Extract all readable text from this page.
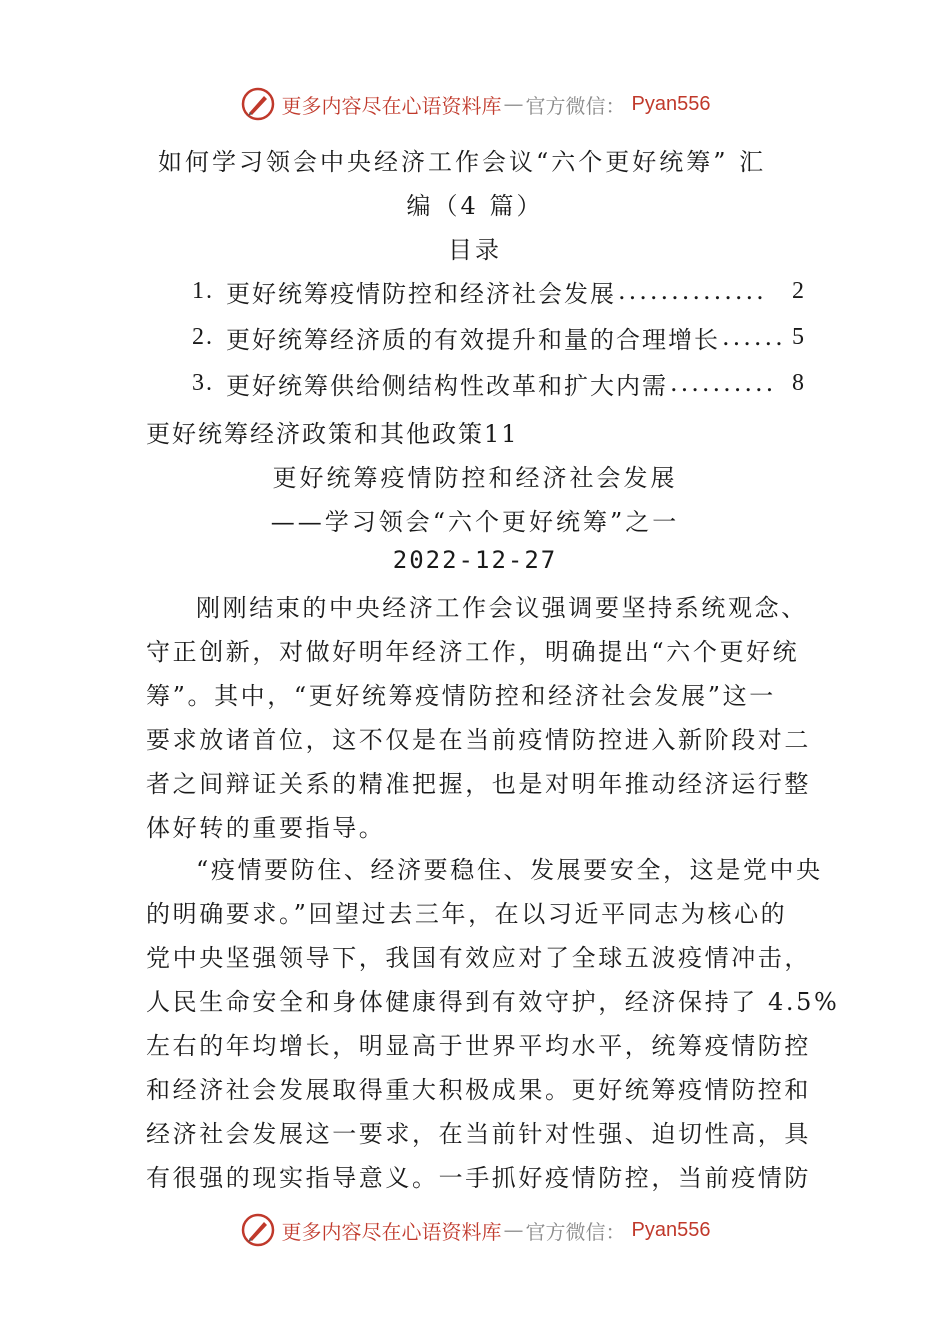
更多内容尽在心语资料库 — 官方微信： Pyan556
如何学习领会中央经济工作会议“六个更好统筹” 汇
编（4 篇）
目录
1. 更好统筹疫情防控和经济社会发展 ..............	2
2. 更好统筹经济质的有效提升和量的合理增长 ...... 5
3. 更好统筹供给侧结构性改革和扩大内需 .......... 8
更好统筹经济政策和其他政策11
更好统筹疫情防控和经济社会发展
——学习领会“六个更好统筹”之一
2022-12-27
刚刚结束的中央经济工作会议强调要坚持系统观念、
守正创新，对做好明年经济工作，明确提出“六个更好统
筹”。其中，“更好统筹疫情防控和经济社会发展”这一
要求放诸首位，这不仅是在当前疫情防控进入新阶段对二
者之间辩证关系的精准把握，也是对明年推动经济运行整
体好转的重要指导。
“疫情要防住、经济要稳住、发展要安全，这是党中央
的明确要求。”回望过去三年，在以习近平同志为核心的
党中央坚强领导下，我国有效应对了全球五波疫情冲击，
人民生命安全和身体健康得到有效守护，经济保持了 4.5%
左右的年均增长，明显高于世界平均水平，统筹疫情防控
和经济社会发展取得重大积极成果。更好统筹疫情防控和
经济社会发展这一要求，在当前针对性强、迫切性高，具
有很强的现实指导意义。一手抓好疫情防控，当前疫情防
更多内容尽在心语资料库 — 官方微信： Pyan556
